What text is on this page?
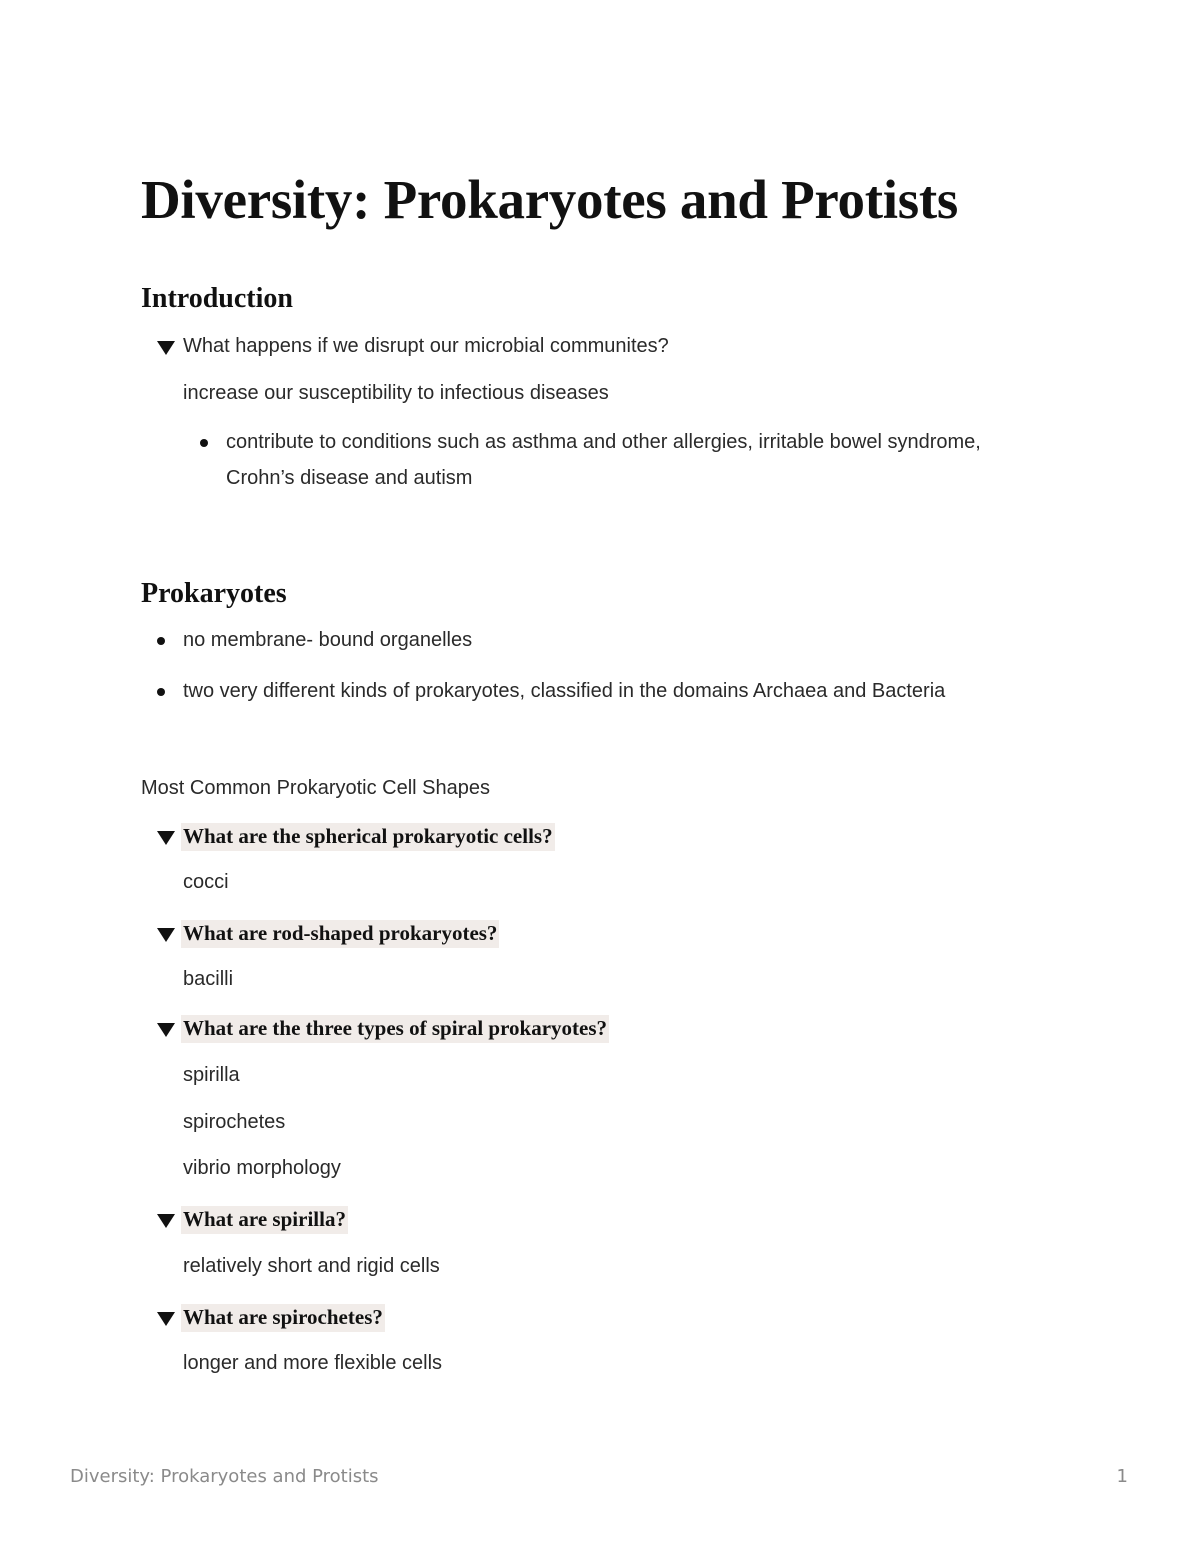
Diversity: Prokaryotes and Protists
Introduction
What happens if we disrupt our microbial communites?
increase our susceptibility to infectious diseases
contribute to conditions such as asthma and other allergies, irritable bowel syndrome,
Crohn’s disease and autism
Prokaryotes
no membrane- bound organelles
two very different kinds of prokaryotes, classified in the domains Archaea and Bacteria
Most Common Prokaryotic Cell Shapes
What are the spherical prokaryotic cells?
cocci
What are rod-shaped prokaryotes?
bacilli
What are the three types of spiral prokaryotes?
spirilla
spirochetes
vibrio morphology
What are spirilla?
relatively short and rigid cells
What are spirochetes?
longer and more flexible cells
Diversity: Prokaryotes and Protists	1
